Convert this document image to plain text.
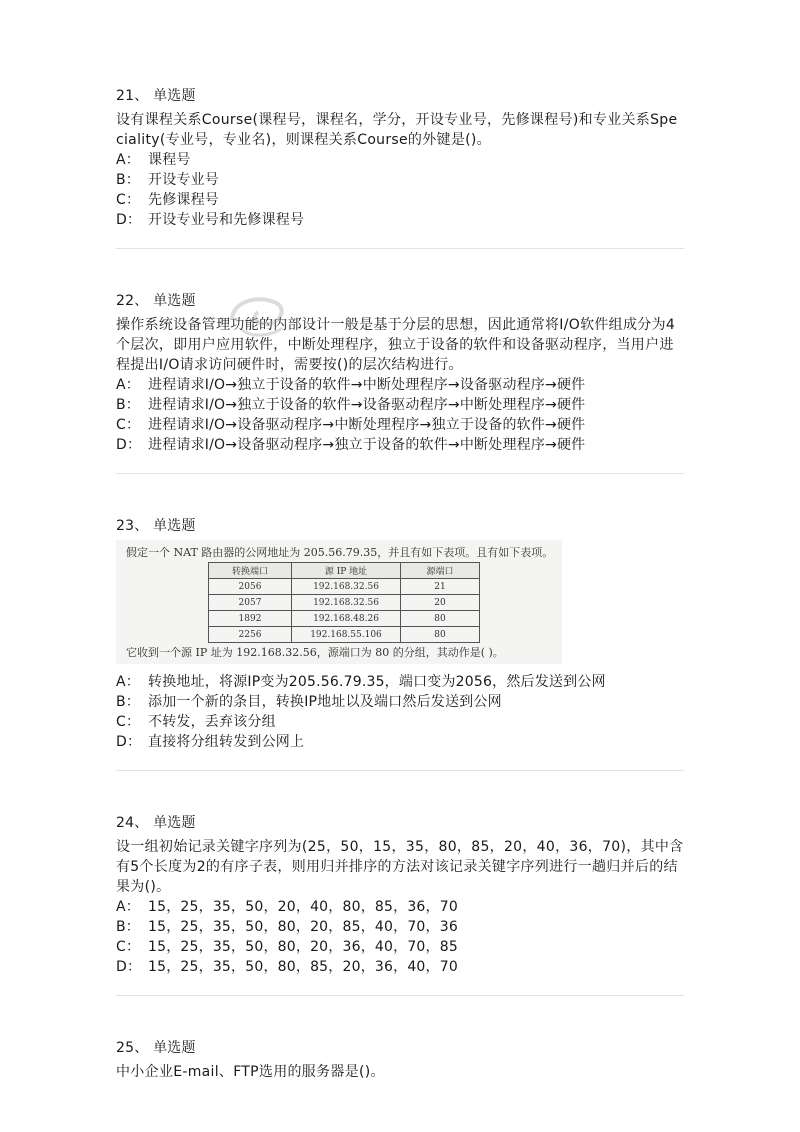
21、 单选题

设有课程关系Course(课程号，课程名，学分，开设专业号，先修课程号)和专业关系Speciality(专业号，专业名)，则课程关系Course的外键是()。

A： 课程号

B： 开设专业号

C： 先修课程号

D： 开设专业号和先修课程号

22、 单选题

操作系统设备管理功能的内部设计一般是基于分层的思想，因此通常将I/O软件组成分为4个层次，即用户应用软件，中断处理程序，独立于设备的软件和设备驱动程序，当用户进程提出I/O请求访问硬件时，需要按()的层次结构进行。

A： 进程请求I/O→独立于设备的软件→中断处理程序→设备驱动程序→硬件

B： 进程请求I/O→独立于设备的软件→设备驱动程序→中断处理程序→硬件

C： 进程请求I/O→设备驱动程序→中断处理程序→独立于设备的软件→硬件

D： 进程请求I/O→设备驱动程序→独立于设备的软件→中断处理程序→硬件

23、 单选题

假定一个 NAT 路由器的公网地址为 205.56.79.35，并且有如下表项。且有如下表项。
转换端口	源 IP 地址	源端口
2056	192.168.32.56	21
2057	192.168.32.56	20
1892	192.168.48.26	80
2256	192.168.55.106	80
它收到一个源 IP 址为 192.168.32.56，源端口为 80 的分组，其动作是( )。

A： 转换地址，将源IP变为205.56.79.35，端口变为2056，然后发送到公网

B： 添加一个新的条目，转换IP地址以及端口然后发送到公网

C： 不转发，丢弃该分组

D： 直接将分组转发到公网上

24、 单选题

设一组初始记录关键字序列为(25，50，15，35，80，85，20，40，36，70)，其中含有5个长度为2的有序子表，则用归并排序的方法对该记录关键字序列进行一趟归并后的结果为()。

A： 15，25，35，50，20，40，80，85，36，70

B： 15，25，35，50，80，20，85，40，70，36

C： 15，25，35，50，80，20，36，40，70，85

D： 15，25，35，50，80，85，20，36，40，70

25、 单选题

中小企业E-mail、FTP选用的服务器是()。
